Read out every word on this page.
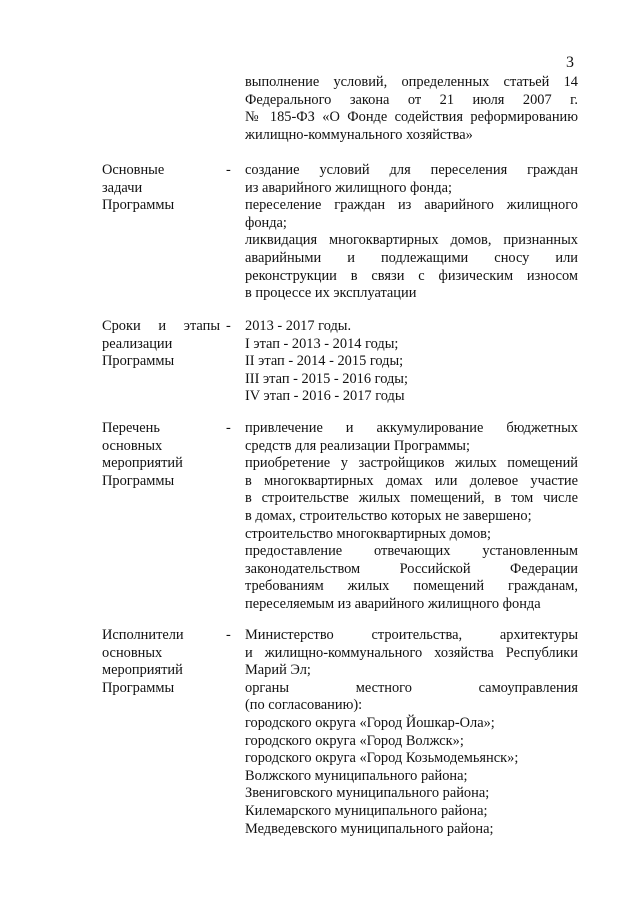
3
выполнение условий, определенных статьей 14
Федерального закона от 21 июля 2007 г.
№ 185-ФЗ «О Фонде содействия реформированию
жилищно-коммунального хозяйства»
Основные
задачи
Программы
- создание условий для переселения граждан
из аварийного жилищного фонда;
переселение граждан из аварийного жилищного
фонда;
ликвидация многоквартирных домов, признанных
аварийными и подлежащими сносу или
реконструкции в связи с физическим износом
в процессе их эксплуатации
Сроки и этапы
реализации
Программы
- 2013 - 2017 годы.
I этап - 2013 - 2014 годы;
II этап - 2014 - 2015 годы;
III этап - 2015 - 2016 годы;
IV этап - 2016 - 2017 годы
Перечень
основных
мероприятий
Программы
- привлечение и аккумулирование бюджетных
средств для реализации Программы;
приобретение у застройщиков жилых помещений
в многоквартирных домах или долевое участие
в строительстве жилых помещений, в том числе
в домах, строительство которых не завершено;
строительство многоквартирных домов;
предоставление отвечающих установленным
законодательством Российской Федерации
требованиям жилых помещений гражданам,
переселяемым из аварийного жилищного фонда
Исполнители
основных
мероприятий
Программы
- Министерство строительства, архитектуры
и жилищно-коммунального хозяйства Республики
Марий Эл;
органы местного самоуправления
(по согласованию):
городского округа «Город Йошкар-Ола»;
городского округа «Город Волжск»;
городского округа «Город Козьмодемьянск»;
Волжского муниципального района;
Звениговского муниципального района;
Килемарского муниципального района;
Медведевского муниципального района;
